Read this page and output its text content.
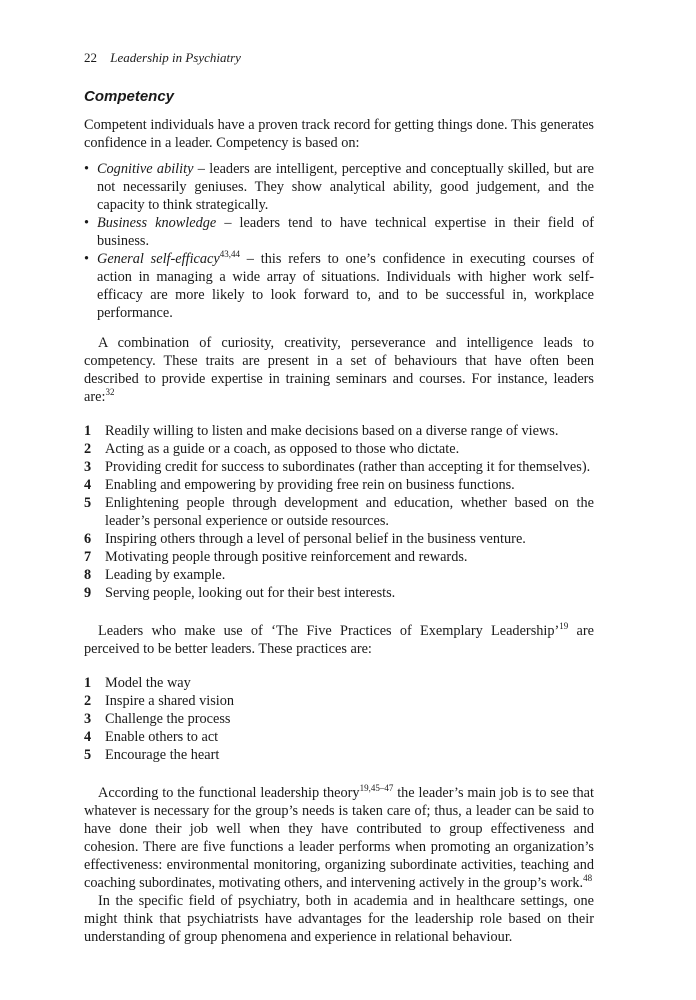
22 Leadership in Psychiatry
Competency

Competent individuals have a proven track record for getting things done. This generates confidence in a leader. Competency is based on:

• Cognitive ability – leaders are intelligent, perceptive and conceptually skilled, but are not necessarily geniuses. They show analytical ability, good judgement, and the capacity to think strategically.
• Business knowledge – leaders tend to have technical expertise in their field of business.
• General self-efficacy$^{43,44}$ – this refers to one’s confidence in executing courses of action in managing a wide array of situations. Individuals with higher work self-efficacy are more likely to look forward to, and to be successful in, workplace performance.

A combination of curiosity, creativity, perseverance and intelligence leads to competency. These traits are present in a set of behaviours that have often been described to provide expertise in training seminars and courses. For instance, leaders are:$^{32}$

1 Readily willing to listen and make decisions based on a diverse range of views.
2 Acting as a guide or a coach, as opposed to those who dictate.
3 Providing credit for success to subordinates (rather than accepting it for themselves).
4 Enabling and empowering by providing free rein on business functions.
5 Enlightening people through development and education, whether based on the leader’s personal experience or outside resources.
6 Inspiring others through a level of personal belief in the business venture.
7 Motivating people through positive reinforcement and rewards.
8 Leading by example.
9 Serving people, looking out for their best interests.

Leaders who make use of ‘The Five Practices of Exemplary Leadership’$^{19}$ are perceived to be better leaders. These practices are:

1 Model the way
2 Inspire a shared vision
3 Challenge the process
4 Enable others to act
5 Encourage the heart

According to the functional leadership theory$^{19,45-47}$ the leader’s main job is to see that whatever is necessary for the group’s needs is taken care of; thus, a leader can be said to have done their job well when they have contributed to group effectiveness and cohesion. There are five functions a leader performs when promoting an organization’s effectiveness: environmental monitoring, organizing subordinate activities, teaching and coaching subordinates, motivating others, and intervening actively in the group’s work.$^{48}$

In the specific field of psychiatry, both in academia and in healthcare settings, one might think that psychiatrists have advantages for the leadership role based on their understanding of group phenomena and experience in relational behaviour.
